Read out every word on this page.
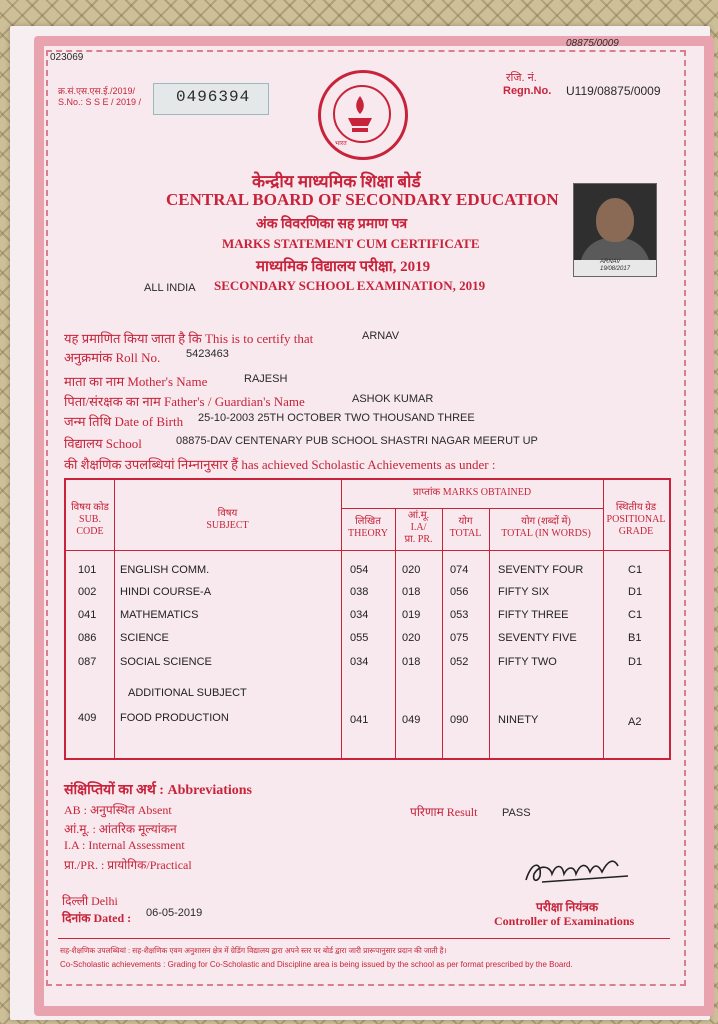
023069
08875/0009
क्र.सं.एस.एस.ई./2019/
S.No.: S S E / 2019 / 0496394
रजि. नं.
Regn.No. U119/08875/0009
भारत
केन्द्रीय माध्यमिक शिक्षा बोर्ड
CENTRAL BOARD OF SECONDARY EDUCATION
अंक विवरणिका सह प्रमाण पत्र
MARKS STATEMENT CUM CERTIFICATE
माध्यमिक विद्यालय परीक्षा, 2019
ALL INDIA SECONDARY SCHOOL EXAMINATION, 2019
ARNAV
19/08/2017
यह प्रमाणित किया जाता है कि This is to certify that	ARNAV
अनुक्रमांक Roll No. 5423463
माता का नाम Mother's Name	RAJESH
पिता/संरक्षक का नाम Father's / Guardian's Name	ASHOK KUMAR
जन्म तिथि Date of Birth 25-10-2003 25TH OCTOBER TWO THOUSAND THREE
विद्यालय School	08875-DAV CENTENARY PUB SCHOOL SHASTRI NAGAR MEERUT UP
की शैक्षणिक उपलब्धियां निम्नानुसार हैं has achieved Scholastic Achievements as under :
विषय कोड
SUB. CODE
विषय
SUBJECT
प्राप्तांक MARKS OBTAINED
लिखित
THEORY
आं.मू.
I.A/
प्रा. PR.
योग
TOTAL
योग (शब्दों में)
TOTAL (IN WORDS)
स्थितीय ग्रेड
POSITIONAL GRADE
101 ENGLISH COMM.	054	020	074	SEVENTY FOUR	C1
002 HINDI COURSE-A	038	018	056	FIFTY SIX	D1
041 MATHEMATICS	034	019	053	FIFTY THREE	C1
086 SCIENCE	055	020	075	SEVENTY FIVE	B1
087 SOCIAL SCIENCE	034	018	052	FIFTY TWO	D1
ADDITIONAL SUBJECT
409 FOOD PRODUCTION	041	049	090	NINETY	A2
संक्षिप्तियों का अर्थ : Abbreviations
AB : अनुपस्थित Absent
आं.मू. : आंतरिक मूल्यांकन
I.A : Internal Assessment
प्रा./PR. : प्रायोगिक/Practical
परिणाम Result PASS
दिल्ली Delhi
दिनांक Dated : 06-05-2019	परीक्षा नियंत्रक
Controller of Examinations
सह-शैक्षणिक उपलब्धियां : सह-शैक्षणिक एवम अनुशासन क्षेत्र में ग्रेडिंग विद्यालय द्वारा अपने स्तर पर बोर्ड द्वारा जारी प्रारूपानुसार प्रदान की जाती है।
Co-Scholastic achievements : Grading for Co-Scholastic and Discipline area is being issued by the school as per format prescribed by the Board.
